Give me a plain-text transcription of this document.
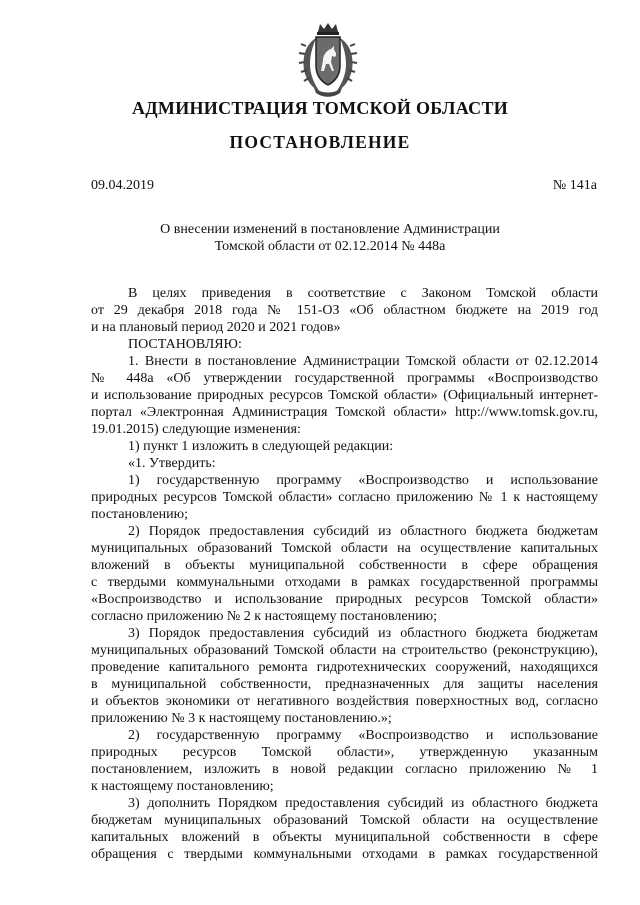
АДМИНИСТРАЦИЯ ТОМСКОЙ ОБЛАСТИ
ПОСТАНОВЛЕНИЕ
09.04.2019	№ 141а
О внесении изменений в постановление Администрации
Томской области от 02.12.2014 № 448а
В целях приведения в соответствие с Законом Томской области
от 29 декабря 2018 года № 151-ОЗ «Об областном бюджете на 2019 год
и на плановый период 2020 и 2021 годов»
ПОСТАНОВЛЯЮ:
1. Внести в постановление Администрации Томской области от 02.12.2014
№ 448а «Об утверждении государственной программы «Воспроизводство
и использование природных ресурсов Томской области» (Официальный интернет-
портал «Электронная Администрация Томской области» http://www.tomsk.gov.ru,
19.01.2015) следующие изменения:
1) пункт 1 изложить в следующей редакции:
«1. Утвердить:
1) государственную программу «Воспроизводство и использование
природных ресурсов Томской области» согласно приложению № 1 к настоящему
постановлению;
2) Порядок предоставления субсидий из областного бюджета бюджетам
муниципальных образований Томской области на осуществление капитальных
вложений в объекты муниципальной собственности в сфере обращения
с твердыми коммунальными отходами в рамках государственной программы
«Воспроизводство и использование природных ресурсов Томской области»
согласно приложению № 2 к настоящему постановлению;
3) Порядок предоставления субсидий из областного бюджета бюджетам
муниципальных образований Томской области на строительство (реконструкцию),
проведение капитального ремонта гидротехнических сооружений, находящихся
в муниципальной собственности, предназначенных для защиты населения
и объектов экономики от негативного воздействия поверхностных вод, согласно
приложению № 3 к настоящему постановлению.»;
2) государственную программу «Воспроизводство и использование
природных ресурсов Томской области», утвержденную указанным
постановлением, изложить в новой редакции согласно приложению № 1
к настоящему постановлению;
3) дополнить Порядком предоставления субсидий из областного бюджета
бюджетам муниципальных образований Томской области на осуществление
капитальных вложений в объекты муниципальной собственности в сфере
обращения с твердыми коммунальными отходами в рамках государственной
